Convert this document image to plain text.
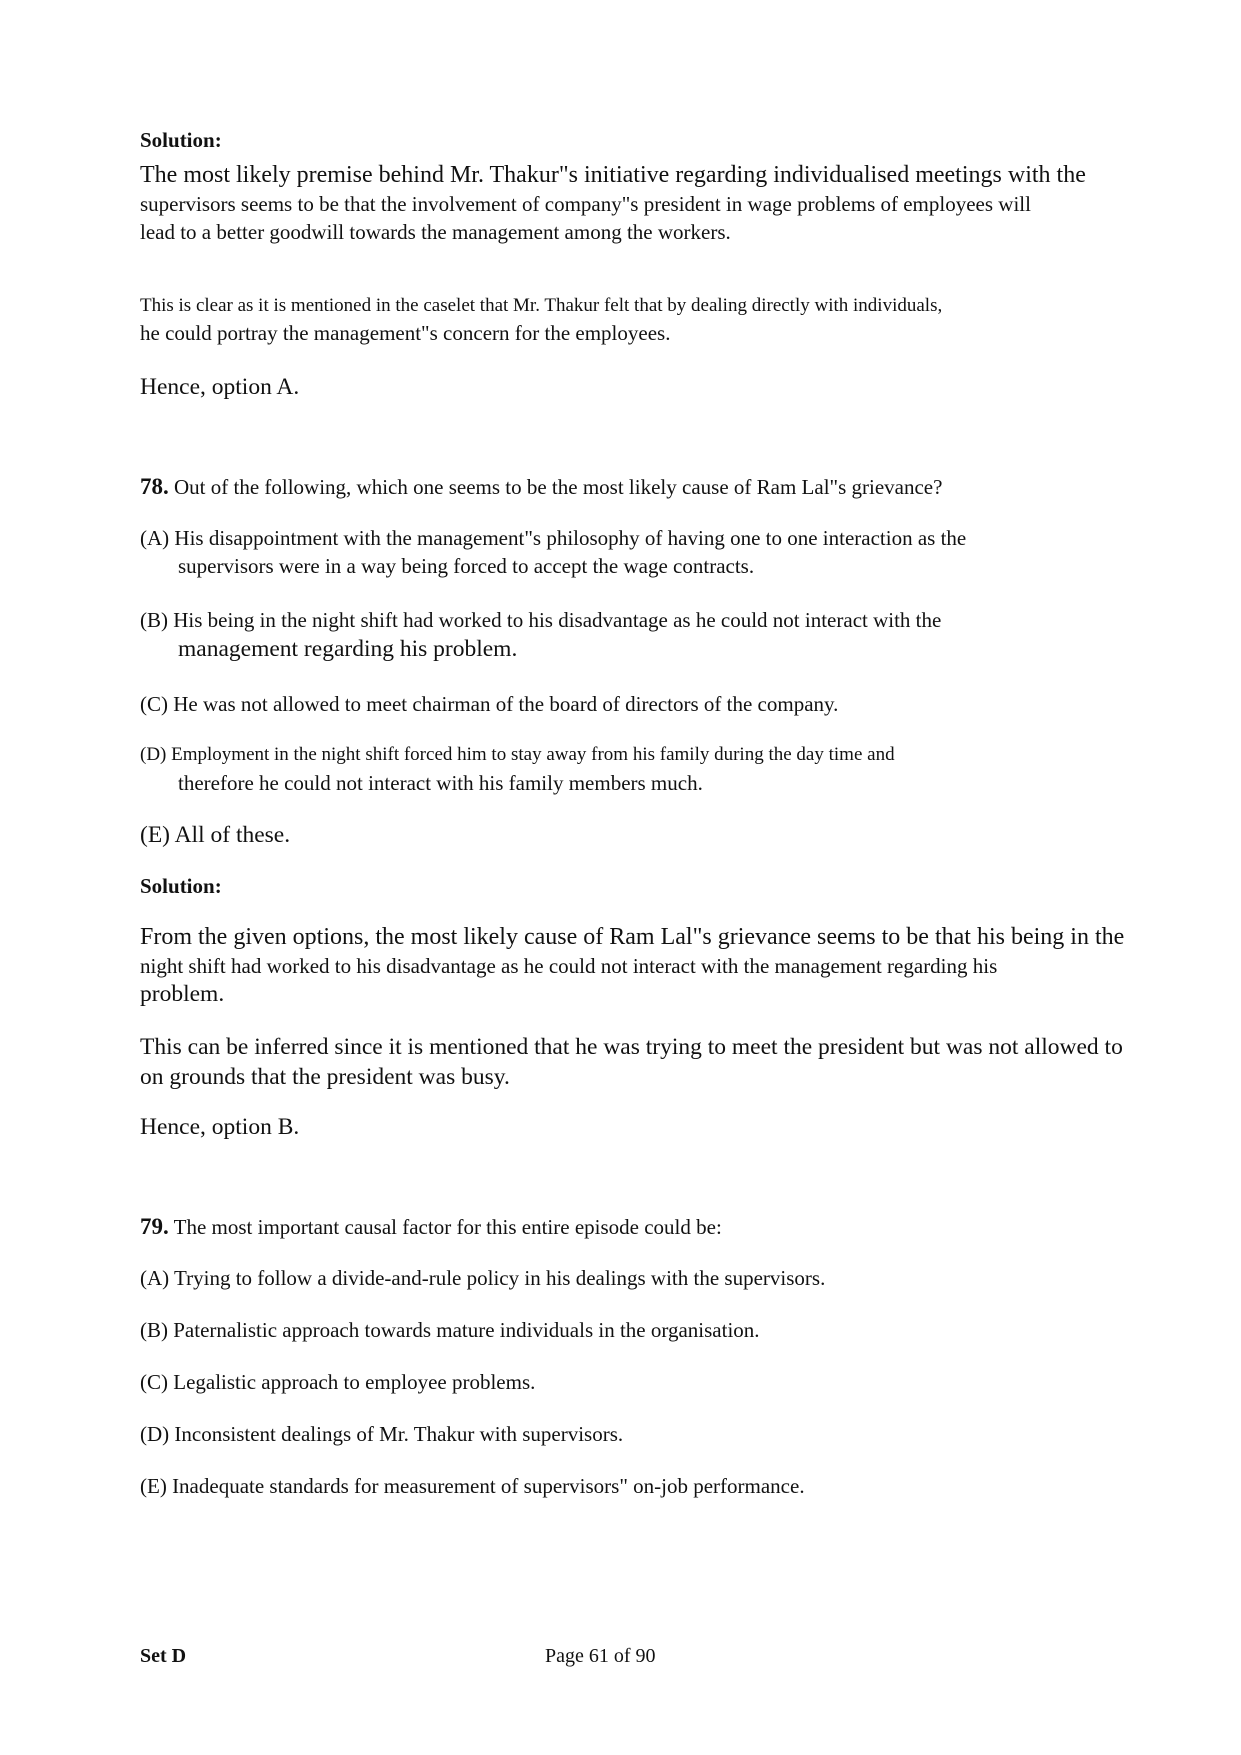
Solution:
The most likely premise behind Mr. Thakur"s initiative regarding individualised meetings with the
supervisors seems to be that the involvement of company"s president in wage problems of employees will
lead to a better goodwill towards the management among the workers.
This is clear as it is mentioned in the caselet that Mr. Thakur felt that by dealing directly with individuals,
he could portray the management"s concern for the employees.
Hence, option A.
78. Out of the following, which one seems to be the most likely cause of Ram Lal"s grievance?
(A) His disappointment with the management"s philosophy of having one to one interaction as the
supervisors were in a way being forced to accept the wage contracts.
(B) His being in the night shift had worked to his disadvantage as he could not interact with the
management regarding his problem.
(C) He was not allowed to meet chairman of the board of directors of the company.
(D) Employment in the night shift forced him to stay away from his family during the day time and
therefore he could not interact with his family members much.
(E) All of these.
Solution:
From the given options, the most likely cause of Ram Lal"s grievance seems to be that his being in the
night shift had worked to his disadvantage as he could not interact with the management regarding his
problem.
This can be inferred since it is mentioned that he was trying to meet the president but was not allowed to
on grounds that the president was busy.
Hence, option B.
79. The most important causal factor for this entire episode could be:
(A) Trying to follow a divide-and-rule policy in his dealings with the supervisors.
(B) Paternalistic approach towards mature individuals in the organisation.
(C) Legalistic approach to employee problems.
(D) Inconsistent dealings of Mr. Thakur with supervisors.
(E) Inadequate standards for measurement of supervisors" on-job performance.
Set D	Page 61 of 90
